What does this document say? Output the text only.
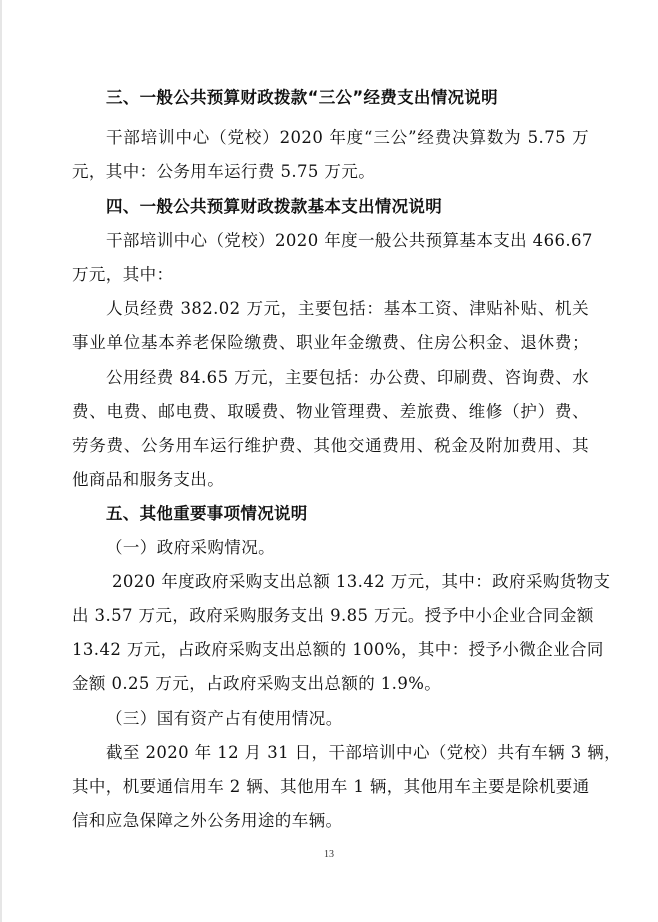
三、一般公共预算财政拨款“三公”经费支出情况说明
干部培训中心（党校）2020 年度“三公”经费决算数为 5.75 万
元，其中：公务用车运行费 5.75 万元。
四、一般公共预算财政拨款基本支出情况说明
干部培训中心（党校）2020 年度一般公共预算基本支出 466.67
万元，其中：
人员经费 382.02 万元，主要包括：基本工资、津贴补贴、机关
事业单位基本养老保险缴费、职业年金缴费、住房公积金、退休费；
公用经费 84.65 万元，主要包括：办公费、印刷费、咨询费、水
费、电费、邮电费、取暖费、物业管理费、差旅费、维修（护）费、
劳务费、公务用车运行维护费、其他交通费用、税金及附加费用、其
他商品和服务支出。
五、其他重要事项情况说明
（一）政府采购情况。
2020 年度政府采购支出总额 13.42 万元，其中：政府采购货物支
出 3.57 万元，政府采购服务支出 9.85 万元。授予中小企业合同金额
13.42 万元，占政府采购支出总额的 100%，其中：授予小微企业合同
金额 0.25 万元，占政府采购支出总额的 1.9%。
（三）国有资产占有使用情况。
截至 2020 年 12 月 31 日，干部培训中心（党校）共有车辆 3 辆，
其中，机要通信用车 2 辆、其他用车 1 辆，其他用车主要是除机要通
信和应急保障之外公务用途的车辆。
13
